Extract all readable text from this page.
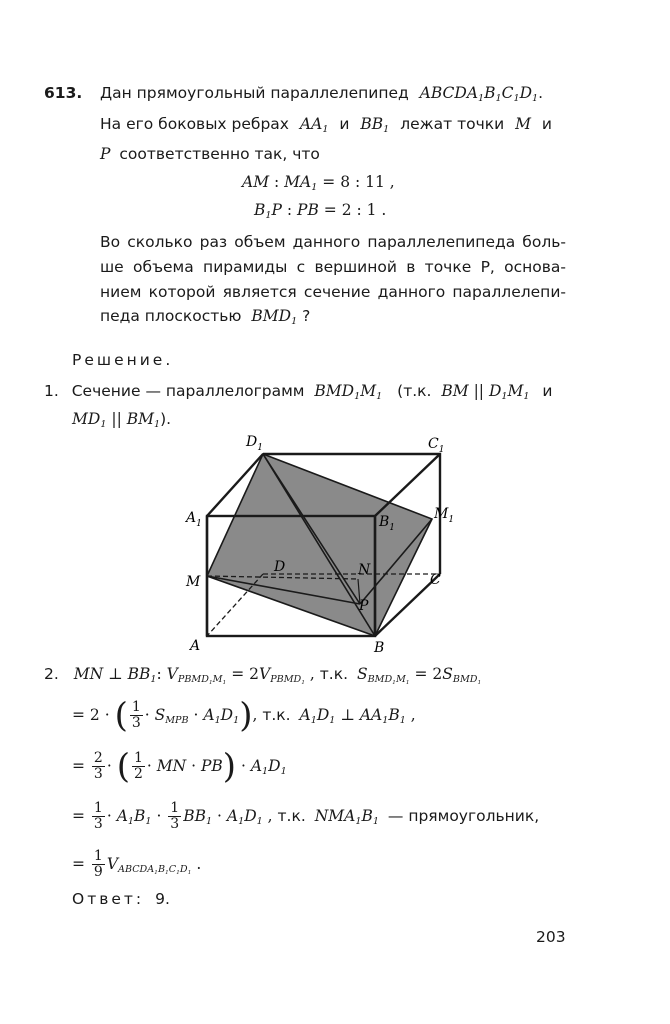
613. Дан прямоугольный параллелепипед $ABCDA_1B_1C_1D_1$.
На его боковых ребрах $AA_1$ и $BB_1$ лежат точки M и
P соответственно так, что
AM : $MA_1 = 8$ : 11 ,
$B_1P$ : PB = 2 : 1 .
Во сколько раз объем данного параллелепипеда боль-
ше объема пирамиды с вершиной в точке P, основа-
нием которой является сечение данного параллелепи-
педа плоскостью $BMD_1$ ?
Решение.
1. Сечение — параллелограмм $BMD_1M_1$ (т.к. BM || $D_1M_1$ и
$MD_1$ || $BM_1$).
$D_1$	$C_1$
$A_1$	$B_1$
$M_1$
M
D	N
C
P
A	B
2. MN ⊥ $BB_1$: $V_{PBMD_1M_1} = 2V_{PBMD_1}$ , т.к. $S_{BMD_1M_1} = 2S_{BMD_1}$
= 2 · ( $\frac{1}{3} \cdot S_{MPB} \cdot A_1D_1$), т.к. $A_1D_1$ ⊥ $AA_1B_1$ ,
= $\frac{2}{3}$ · ( $\frac{1}{2}$ · MN · $PB) \cdot A_1D_1$
= $\frac{1}{3} \cdot A_1B_1 \cdot \frac{1}{3} BB_1 \cdot A_1D_1$ , т.к. $NMA_1B_1$ — прямоугольник,
= $\frac{1}{9} V_{ABCDA_1B_1C_1D_1}$ .
Ответ: 9.
203
